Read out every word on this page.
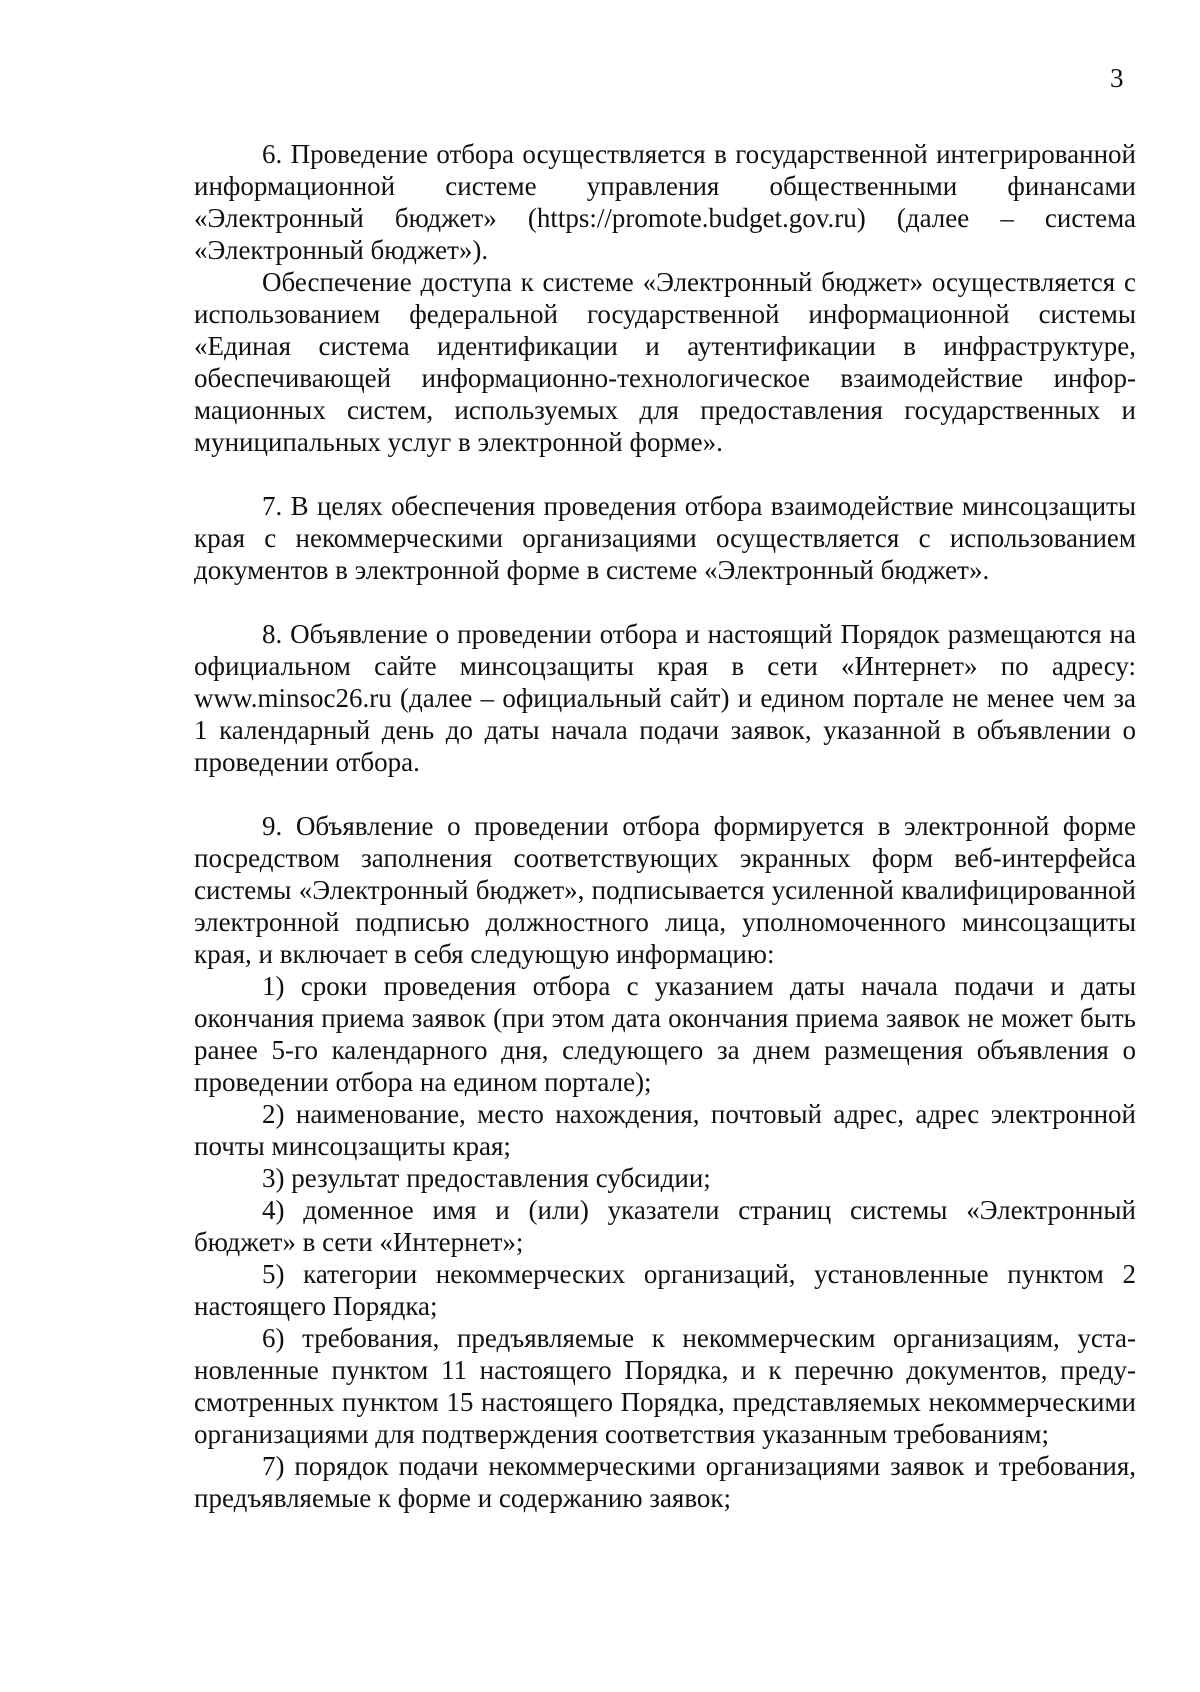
3

6. Проведение отбора осуществляется в государственной интегрированной информационной системе управления общественными финансами «Электронный бюджет» (https://promote.budget.gov.ru) (далее – система «Электронный бюджет»).

Обеспечение доступа к системе «Электронный бюджет» осуществляется с использованием федеральной государственной информационной системы «Единая система идентификации и аутентификации в инфраструктуре, обеспечивающей информационно-технологическое взаимодействие информационных систем, используемых для предоставления государственных и муниципальных услуг в электронной форме».

7. В целях обеспечения проведения отбора взаимодействие минсоцзащиты края с некоммерческими организациями осуществляется с использованием документов в электронной форме в системе «Электронный бюджет».

8. Объявление о проведении отбора и настоящий Порядок размещаются на официальном сайте минсоцзащиты края в сети «Интернет» по адресу: www.minsoc26.ru (далее – официальный сайт) и едином портале не менее чем за 1 календарный день до даты начала подачи заявок, указанной в объявлении о проведении отбора.

9. Объявление о проведении отбора формируется в электронной форме посредством заполнения соответствующих экранных форм веб-интерфейса системы «Электронный бюджет», подписывается усиленной квалифицированной электронной подписью должностного лица, уполномоченного минсоцзащиты края, и включает в себя следующую информацию:

1) сроки проведения отбора с указанием даты начала подачи и даты окончания приема заявок (при этом дата окончания приема заявок не может быть ранее 5-го календарного дня, следующего за днем размещения объявления о проведении отбора на едином портале);

2) наименование, место нахождения, почтовый адрес, адрес электронной почты минсоцзащиты края;

3) результат предоставления субсидии;

4) доменное имя и (или) указатели страниц системы «Электронный бюджет» в сети «Интернет»;

5) категории некоммерческих организаций, установленные пунктом 2 настоящего Порядка;

6) требования, предъявляемые к некоммерческим организациям, установленные пунктом 11 настоящего Порядка, и к перечню документов, предусмотренных пунктом 15 настоящего Порядка, представляемых некоммерческими организациями для подтверждения соответствия указанным требованиям;

7) порядок подачи некоммерческими организациями заявок и требования, предъявляемые к форме и содержанию заявок;
